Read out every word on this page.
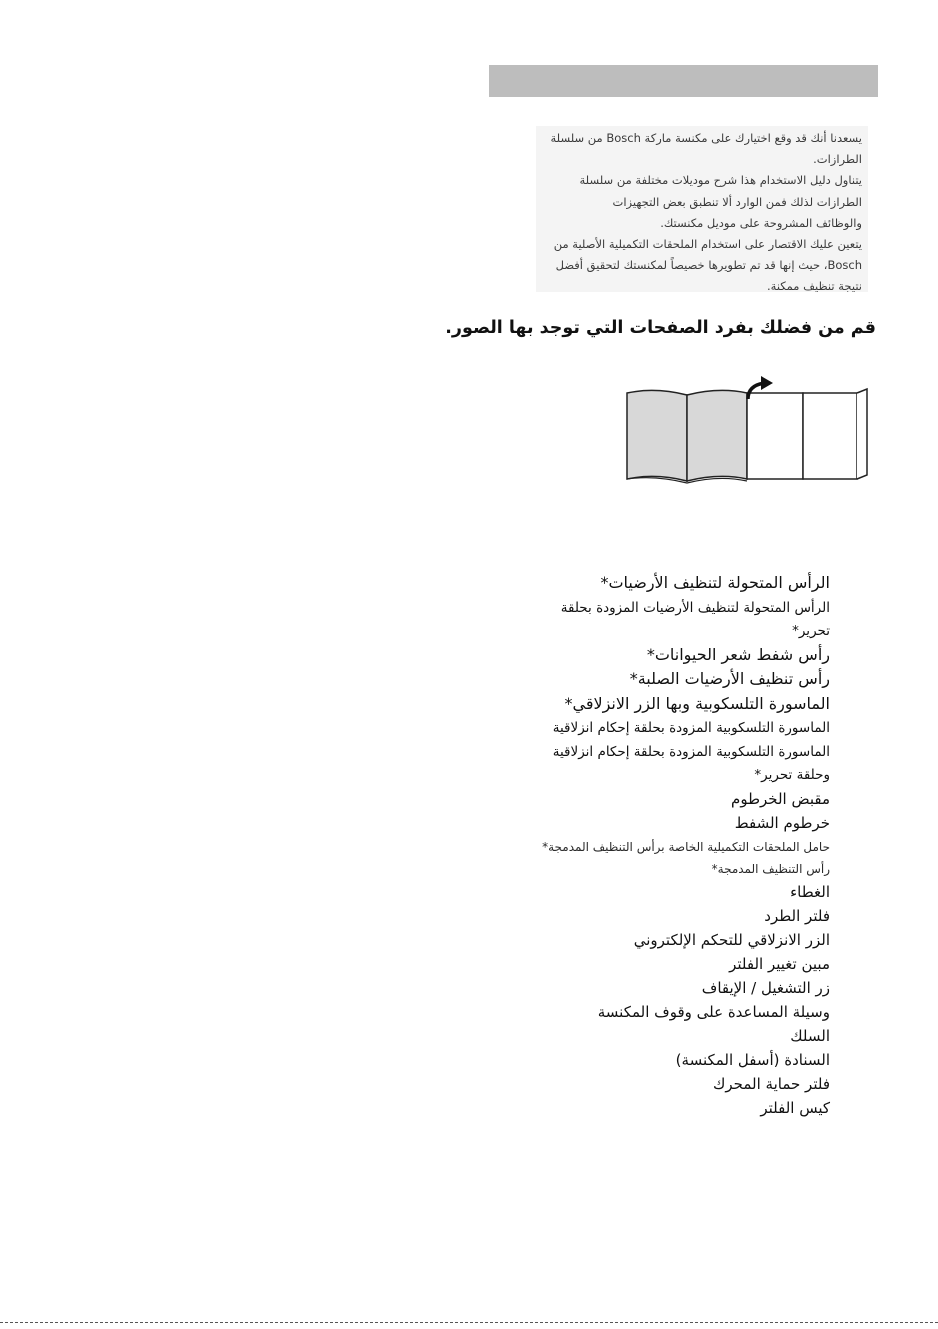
يسعدنا أنك قد وقع اختيارك على مكنسة ماركة Bosch من سلسلة

الطرازات.

يتناول دليل الاستخدام هذا شرح موديلات مختلفة من سلسلة

الطرازات لذلك فمن الوارد ألا تنطبق بعض التجهيزات

والوظائف المشروحة على موديل مكنستك.

يتعين عليك الاقتصار على استخدام الملحقات التكميلية الأصلية من

Bosch، حيث إنها قد تم تطويرها خصيصاً لمكنستك لتحقيق أفضل

نتيجة تنظيف ممكنة.

قم من فضلك بفرد الصفحات التي توجد بها الصور.

الرأس المتحولة لتنظيف الأرضيات*
الرأس المتحولة لتنظيف الأرضيات المزودة بحلقة
تحرير*
رأس شفط شعر الحيوانات*
رأس تنظيف الأرضيات الصلبة*
الماسورة التلسكوبية وبها الزر الانزلاقي*
الماسورة التلسكوبية المزودة بحلقة إحكام انزلاقية
الماسورة التلسكوبية المزودة بحلقة إحكام انزلاقية
وحلقة تحرير*
مقبض الخرطوم
خرطوم الشفط
حامل الملحقات التكميلية الخاصة برأس التنظيف المدمجة*
رأس التنظيف المدمجة*
الغطاء
فلتر الطرد
الزر الانزلاقي للتحكم الإلكتروني
مبين تغيير الفلتر
زر التشغيل / الإيقاف
وسيلة المساعدة على وقوف المكنسة
السلك
السنادة (أسفل المكنسة)
فلتر حماية المحرك
كيس الفلتر
